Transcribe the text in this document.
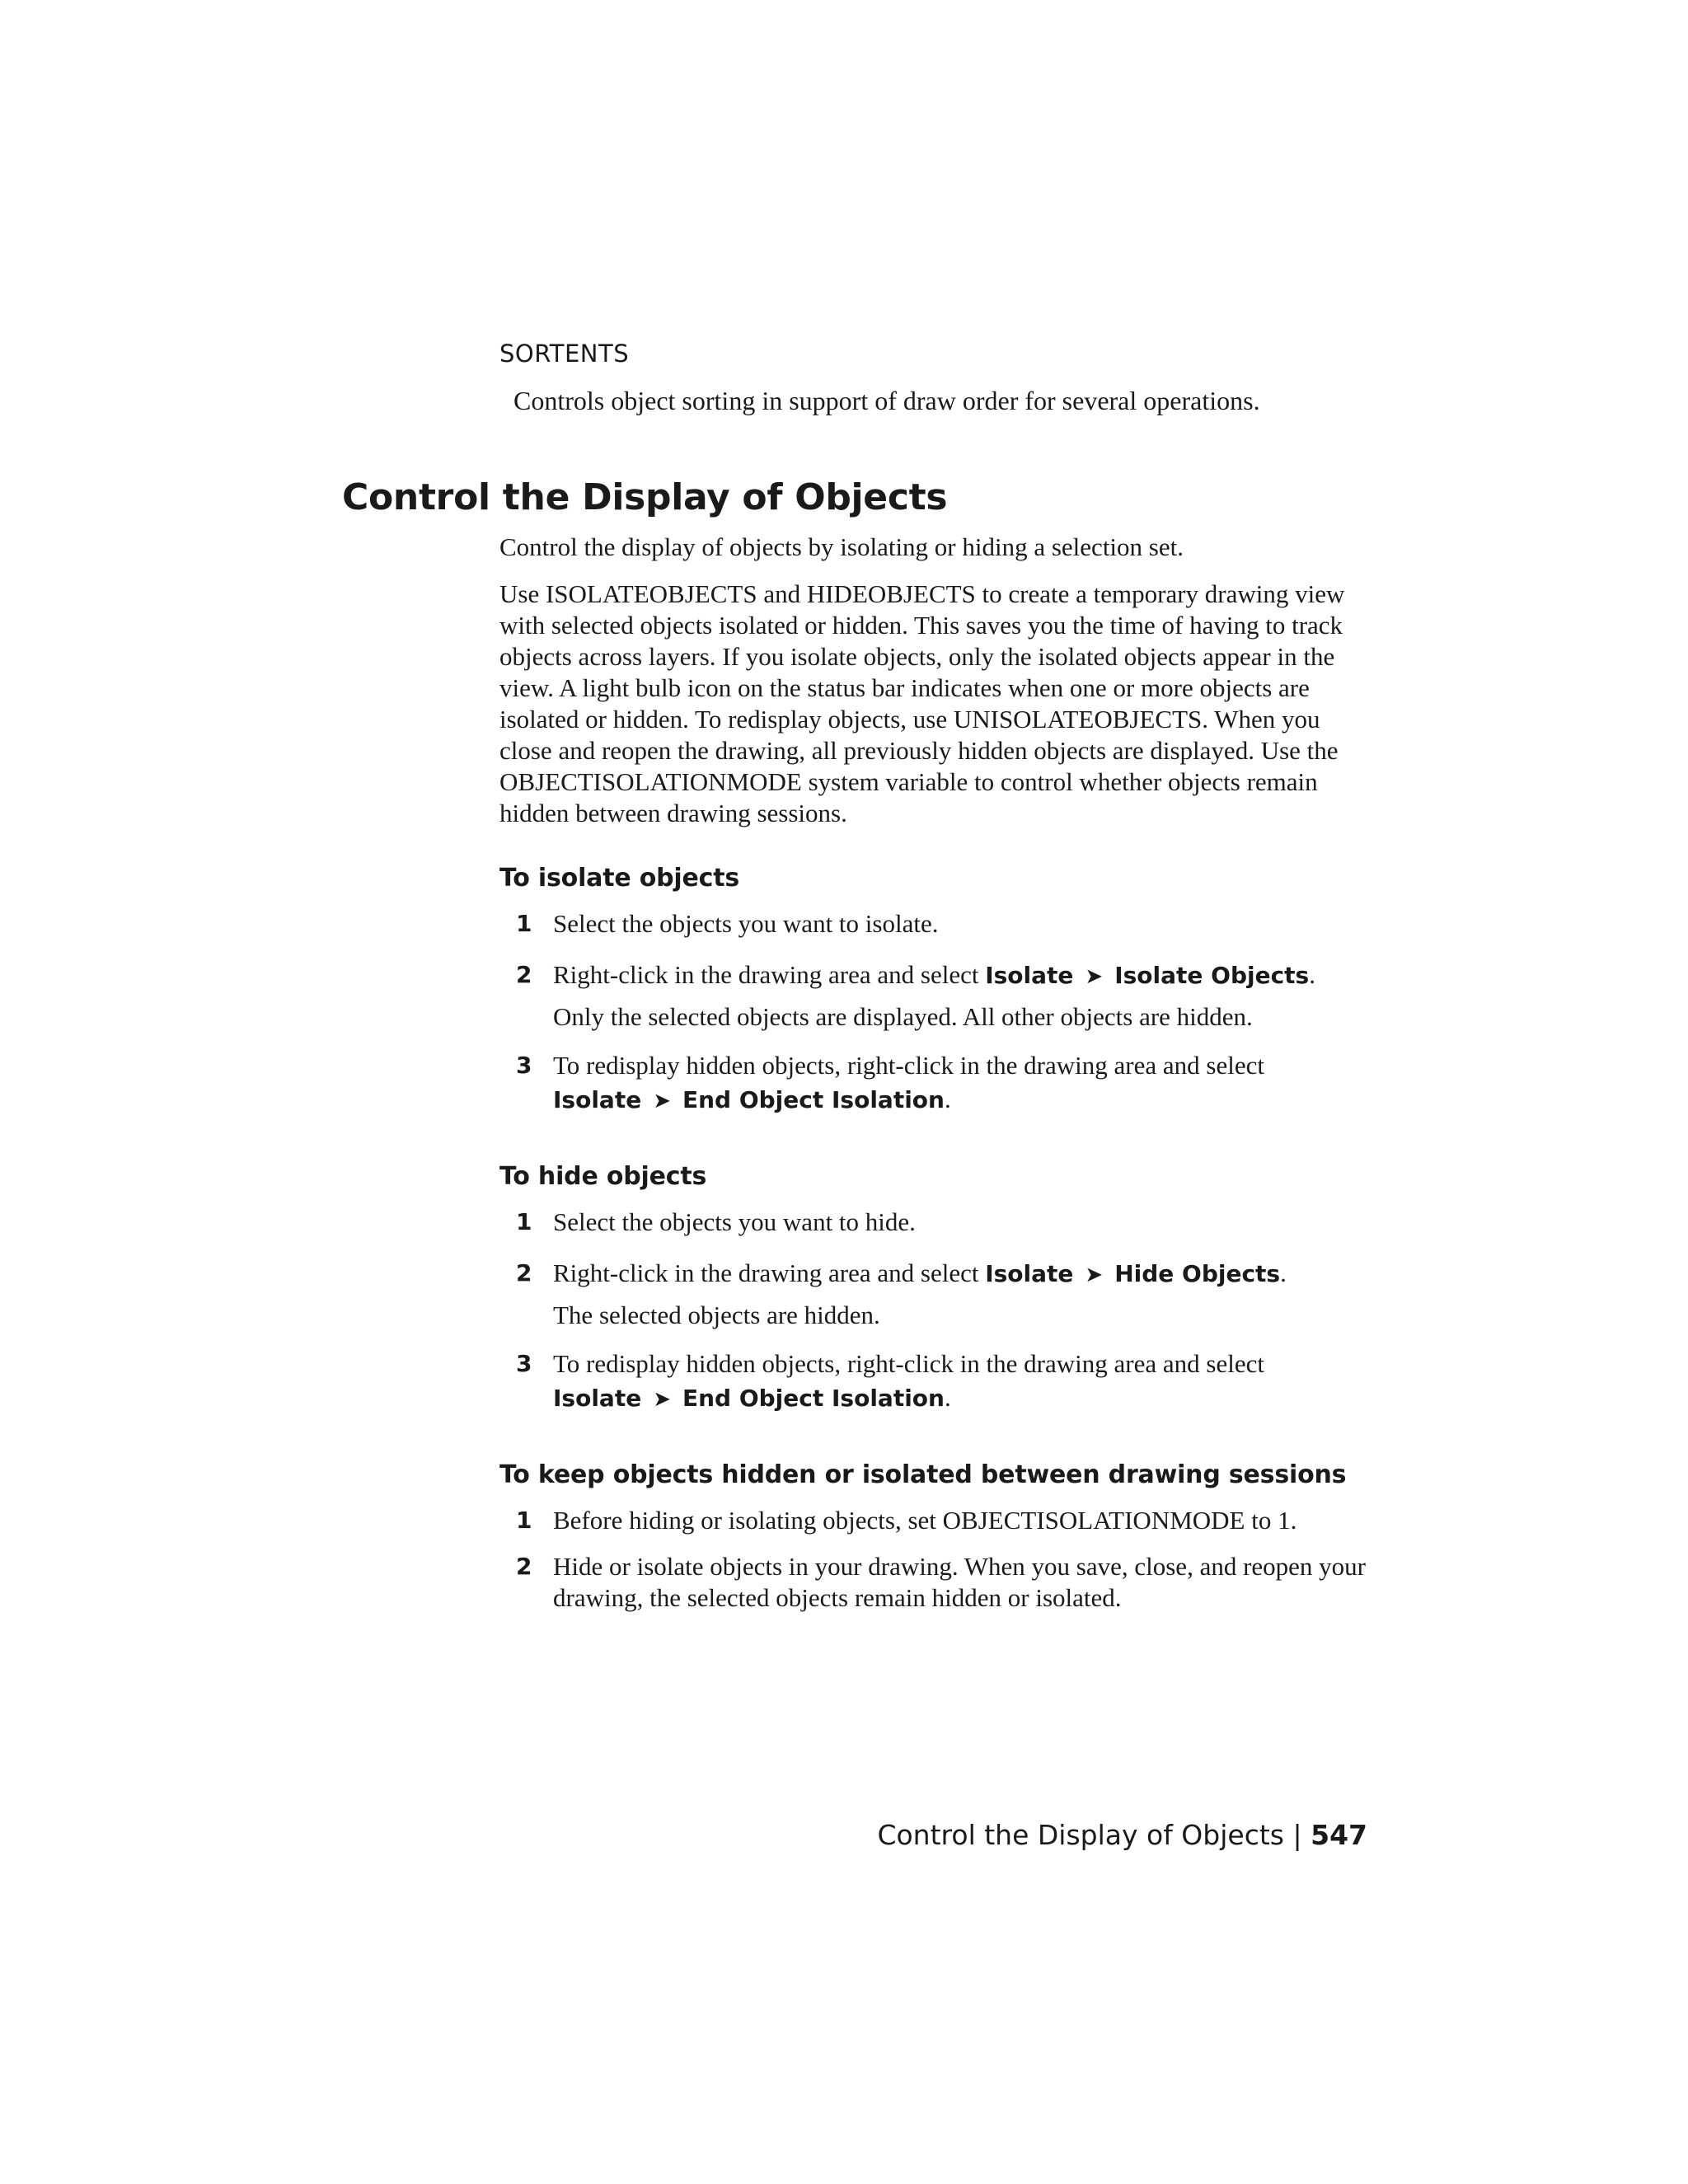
SORTENTS
Controls object sorting in support of draw order for several operations.
Control the Display of Objects
Control the display of objects by isolating or hiding a selection set.
Use ISOLATEOBJECTS and HIDEOBJECTS to create a temporary drawing view with selected objects isolated or hidden. This saves you the time of having to track objects across layers. If you isolate objects, only the isolated objects appear in the view. A light bulb icon on the status bar indicates when one or more objects are isolated or hidden. To redisplay objects, use UNISOLATEOBJECTS. When you close and reopen the drawing, all previously hidden objects are displayed. Use the OBJECTISOLATIONMODE system variable to control whether objects remain hidden between drawing sessions.
To isolate objects
1 Select the objects you want to isolate.
2 Right-click in the drawing area and select Isolate ➤ Isolate Objects.
Only the selected objects are displayed. All other objects are hidden.
3 To redisplay hidden objects, right-click in the drawing area and select Isolate ➤ End Object Isolation.
To hide objects
1 Select the objects you want to hide.
2 Right-click in the drawing area and select Isolate ➤ Hide Objects.
The selected objects are hidden.
3 To redisplay hidden objects, right-click in the drawing area and select Isolate ➤ End Object Isolation.
To keep objects hidden or isolated between drawing sessions
1 Before hiding or isolating objects, set OBJECTISOLATIONMODE to 1.
2 Hide or isolate objects in your drawing. When you save, close, and reopen your drawing, the selected objects remain hidden or isolated.
Control the Display of Objects | 547
